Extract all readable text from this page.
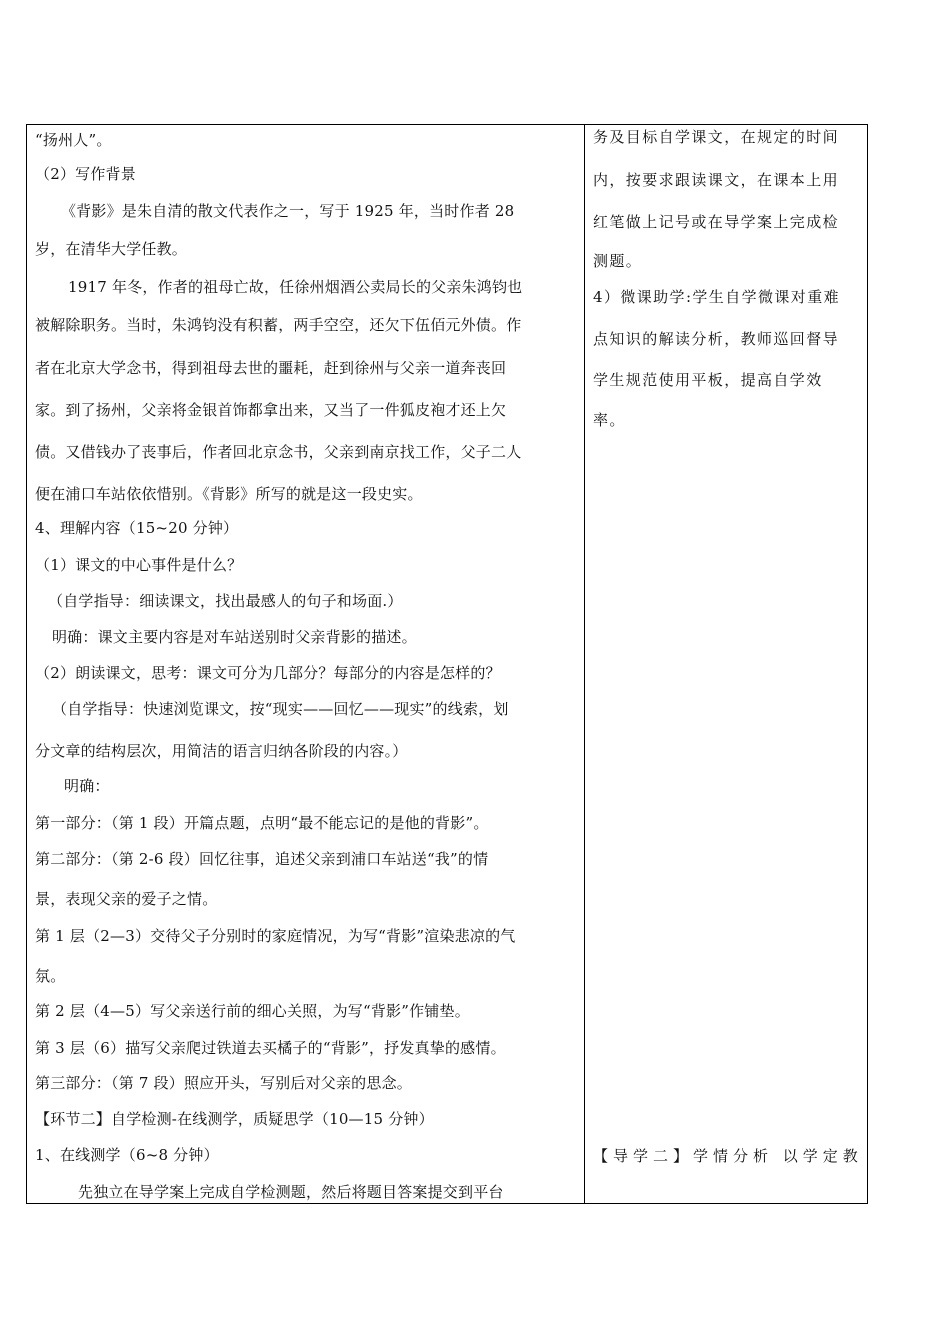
“扬州人”。
（2）写作背景
《背影》是朱自清的散文代表作之一，写于 1925 年，当时作者 28
岁，在清华大学任教。
1917 年冬，作者的祖母亡故，任徐州烟酒公卖局长的父亲朱鸿钧也
被解除职务。当时，朱鸿钧没有积蓄，两手空空，还欠下伍佰元外债。作
者在北京大学念书，得到祖母去世的噩耗，赶到徐州与父亲一道奔丧回
家。到了扬州，父亲将金银首饰都拿出来，又当了一件狐皮袍才还上欠
债。又借钱办了丧事后，作者回北京念书，父亲到南京找工作，父子二人
便在浦口车站依依惜别。《背影》所写的就是这一段史实。
4、理解内容（15~20 分钟）
（1）课文的中心事件是什么？
（自学指导：细读课文，找出最感人的句子和场面.）
明确：课文主要内容是对车站送别时父亲背影的描述。
（2）朗读课文，思考：课文可分为几部分？每部分的内容是怎样的？
（自学指导：快速浏览课文，按“现实——回忆——现实”的线索，划
分文章的结构层次，用简洁的语言归纳各阶段的内容。）
明确：
第一部分：（第 1 段）开篇点题，点明“最不能忘记的是他的背影”。
第二部分：（第 2-6 段）回忆往事，追述父亲到浦口车站送“我”的情
景，表现父亲的爱子之情。
第 1 层（2—3）交待父子分别时的家庭情况，为写“背影”渲染悲凉的气
氛。
第 2 层（4—5）写父亲送行前的细心关照，为写“背影”作铺垫。
第 3 层（6）描写父亲爬过铁道去买橘子的“背影”，抒发真挚的感情。
第三部分：（第 7 段）照应开头，写别后对父亲的思念。
【环节二】自学检测-在线测学，质疑思学（10—15 分钟）
1、在线测学（6~8 分钟）
先独立在导学案上完成自学检测题，然后将题目答案提交到平台
务及目标自学课文，在规定的时间
内，按要求跟读课文，在课本上用
红笔做上记号或在导学案上完成检
测题。
4）微课助学:学生自学微课对重难
点知识的解读分析，教师巡回督导
学生规范使用平板，提高自学效
率。
【导学二】学情分析 以学定教
